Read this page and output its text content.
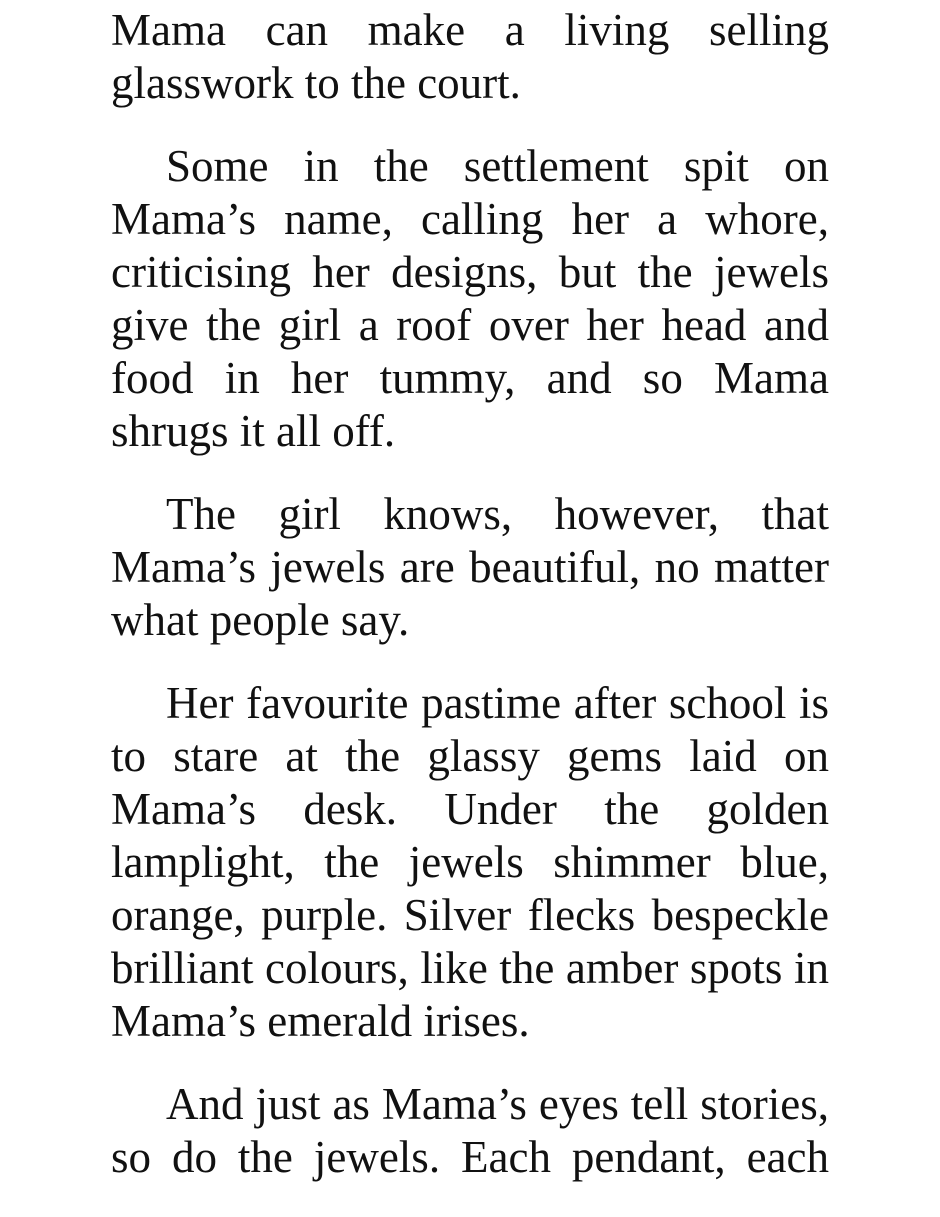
Mama can make a living selling glasswork to the court.

Some in the settlement spit on Mama’s name, calling her a whore, criticising her designs, but the jewels give the girl a roof over her head and food in her tummy, and so Mama shrugs it all off.

The girl knows, however, that Mama’s jewels are beautiful, no matter what people say.

Her favourite pastime after school is to stare at the glassy gems laid on Mama’s desk. Under the golden lamplight, the jewels shimmer blue, orange, purple. Silver flecks bespeckle brilliant colours, like the amber spots in Mama’s emerald irises.

And just as Mama’s eyes tell stories, so do the jewels. Each pendant, each
